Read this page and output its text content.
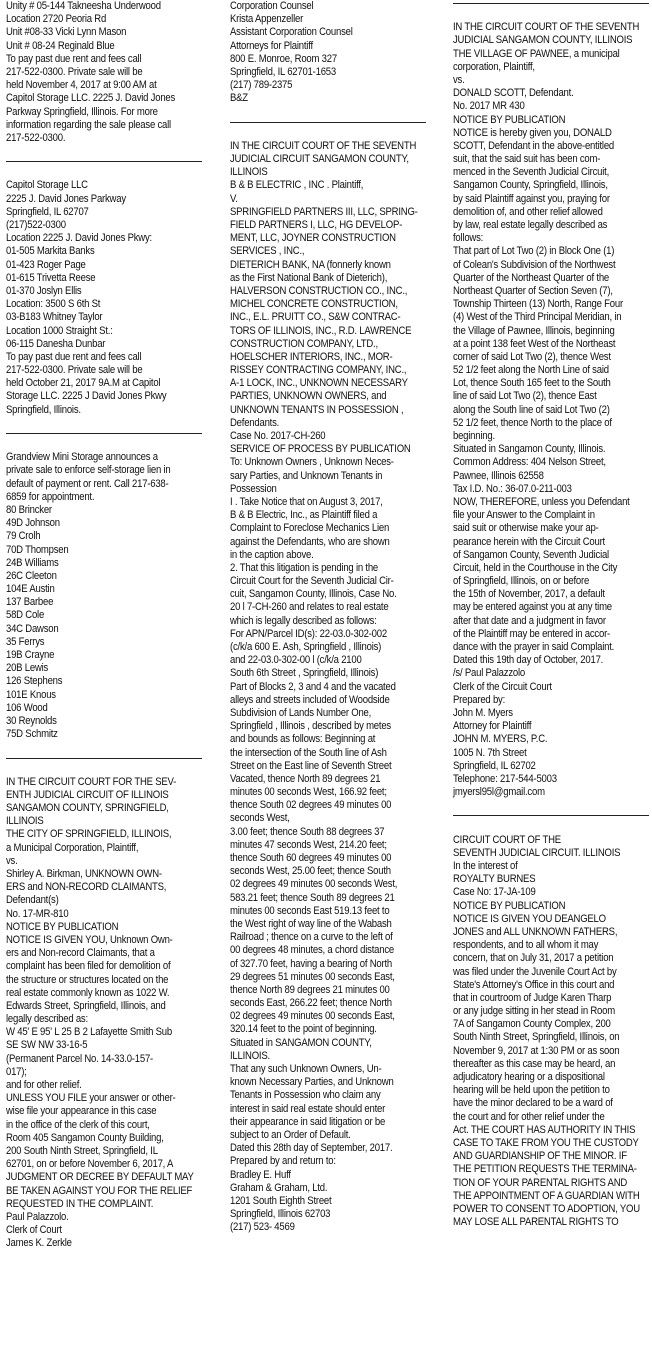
Unity # 05-144 Takneesha Underwood
Location 2720 Peoria Rd
Unit #08-33 Vicki Lynn Mason
Unit # 08-24 Reginald Blue
To pay past due rent and fees call
217-522-0300. Private sale will be
held November 4, 2017 at 9:00 AM at
Capitol Storage LLC. 2225 J. David Jones
Parkway Springfield, Illinois. For more
information regarding the sale please call
217-522-0300.
Capitol Storage LLC
2225 J. David Jones Parkway
Springfield, IL 62707
(217)522-0300
Location 2225 J. David Jones Pkwy:
01-505 Markita Banks
01-423 Roger Page
01-615 Trivetta Reese
01-370 Joslyn Ellis
Location: 3500 S 6th St
03-B183 Whitney Taylor
Location 1000 Straight St.:
06-115 Danesha Dunbar
To pay past due rent and fees call
217-522-0300. Private sale will be
held October 21, 2017 9A.M at Capitol
Storage LLC. 2225 J David Jones Pkwy
Springfield, Illinois.
Grandview Mini Storage announces a
private sale to enforce self-storage lien in
default of payment or rent. Call 217-638-
6859 for appointment.
80 Brincker
49D Johnson
79 Crolh
70D Thompsen
24B Williams
26C Cleeton
104E Austin
137 Barbee
58D Cole
34C Dawson
35 Ferrys
19B Crayne
20B Lewis
126 Stephens
101E Knous
106 Wood
30 Reynolds
75D Schmitz
IN THE CIRCUIT COURT FOR THE SEV-
ENTH JUDICIAL CIRCUIT OF ILLINOIS
SANGAMON COUNTY, SPRINGFIELD,
ILLINOIS
THE CITY OF SPRINGFIELD, ILLINOIS,
a Municipal Corporation, Plaintiff,
vs.
Shirley A. Birkman, UNKNOWN OWN-
ERS and NON-RECORD CLAIMANTS,
Defendant(s)
No. 17-MR-810
NOTICE BY PUBLICATION
NOTICE IS GIVEN YOU, Unknown Own-
ers and Non-record Claimants, that a
complaint has been filed for demolition of
the structure or structures located on the
real estate commonly known as 1022 W.
Edwards Street, Springfield, Illinois, and
legally described as:
W 45' E 95' L 25 B 2 Lafayette Smith Sub
SE SW NW 33-16-5
(Permanent Parcel No. 14-33.0-157-
017);
and for other relief.
UNLESS YOU FILE your answer or other-
wise file your appearance in this case
in the office of the clerk of this court,
Room 405 Sangamon County Building,
200 South Ninth Street, Springfield, IL
62701, on or before November 6, 2017, A
JUDGMENT OR DECREE BY DEFAULT MAY
BE TAKEN AGAINST YOU FOR THE RELIEF
REQUESTED IN THE COMPLAINT.
Paul Palazzolo.
Clerk of Court
James K. Zerkle
Corporation Counsel
Krista Appenzeller
Assistant Corporation Counsel
Attorneys for Plaintiff
800 E. Monroe, Room 327
Springfield, IL 62701-1653
(217) 789-2375
B&Z
IN THE CIRCUIT COURT OF THE SEVENTH
JUDICIAL CIRCUIT SANGAMON COUNTY,
ILLINOIS
B & B ELECTRIC , INC . Plaintiff,
V.
SPRINGFIELD PARTNERS III, LLC, SPRING-
FIELD PARTNERS I, LLC, HG DEVELOP-
MENT, LLC, JOYNER CONSTRUCTION
SERVICES , INC.,
DIETERICH BANK, NA (fonnerly known
as the First National Bank of Dieterich),
HALVERSON CONSTRUCTION CO., INC.,
MICHEL CONCRETE CONSTRUCTION,
INC., E.L. PRUITT CO., S&W CONTRAC-
TORS OF ILLINOIS, INC., R.D. LAWRENCE
CONSTRUCTION COMPANY, LTD.,
HOELSCHER INTERIORS, INC., MOR-
RISSEY CONTRACTING COMPANY, INC.,
A-1 LOCK, INC., UNKNOWN NECESSARY
PARTIES, UNKNOWN OWNERS, and
UNKNOWN TENANTS IN POSSESSION ,
Defendants.
Case No. 2017-CH-260
SERVICE OF PROCESS BY PUBLICATION
To: Unknown Owners , Unknown Neces-
sary Parties, and Unknown Tenants in
Possession
I . Take Notice that on August 3, 2017,
B & B Electric, Inc., as Plaintiff filed a
Complaint to Foreclose Mechanics Lien
against the Defendants, who are shown
in the caption above.
2. That this litigation is pending in the
Circuit Court for the Seventh Judicial Cir-
cuit, Sangamon County, Illinois, Case No.
20 l 7-CH-260 and relates to real estate
which is legally described as follows:
For APN/Parcel ID(s): 22-03.0-302-002
(c/k/a 600 E. Ash, Springfield , Illinois)
and 22-03.0-302-00 l (c/k/a 2100
South 6th Street , Springfield, Illinois)
Part of Blocks 2, 3 and 4 and the vacated
alleys and streets included of Woodside
Subdivision of Lands Number One,
Springfield , Illinois , described by metes
and bounds as follows: Beginning at
the intersection of the South line of Ash
Street on the East line of Seventh Street
Vacated, thence North 89 degrees 21
minutes 00 seconds West, 166.92 feet;
thence South 02 degrees 49 minutes 00
seconds West,
3.00 feet; thence South 88 degrees 37
minutes 47 seconds West, 214.20 feet;
thence South 60 degrees 49 minutes 00
seconds West, 25.00 feet; thence South
02 degrees 49 minutes 00 seconds West,
583.21 feet; thence South 89 degrees 21
minutes 00 seconds East 519.13 feet to
the West right of way line of the Wabash
Railroad ; thence on a curve to the left of
00 degrees 48 minutes, a chord distance
of 327.70 feet, having a bearing of North
29 degrees 51 minutes 00 seconds East,
thence North 89 degrees 21 minutes 00
seconds East, 266.22 feet; thence North
02 degrees 49 minutes 00 seconds East,
320.14 feet to the point of beginning.
Situated in SANGAMON COUNTY,
ILLINOIS.
That any such Unknown Owners, Un-
known Necessary Parties, and Unknown
Tenants in Possession who claim any
interest in said real estate should enter
their appearance in said litigation or be
subject to an Order of Default.
Dated this 28th day of September, 2017.
Prepared by and return to:
Bradley E. Huff
Graham & Graham, Ltd.
1201 South Eighth Street
Springfield, Illinois 62703
(217) 523- 4569
IN THE CIRCUIT COURT OF THE SEVENTH
JUDICIAL SANGAMON COUNTY, ILLINOIS
THE VILLAGE OF PAWNEE, a municipal
corporation, Plaintiff,
vs.
DONALD SCOTT, Defendant.
No. 2017 MR 430
NOTICE BY PUBLICATION
NOTICE is hereby given you, DONALD
SCOTT, Defendant in the above-entitled
suit, that the said suit has been com-
menced in the Seventh Judicial Circuit,
Sangamon County, Springfield, Illinois,
by said Plaintiff against you, praying for
demolition of, and other relief allowed
by law, real estate legally described as
follows:
That part of Lot Two (2) in Block One (1)
of Colean's Subdivision of the Northwest
Quarter of the Northeast Quarter of the
Northeast Quarter of Section Seven (7),
Township Thirteen (13) North, Range Four
(4) West of the Third Principal Meridian, in
the Village of Pawnee, Illinois, beginning
at a point 138 feet West of the Northeast
corner of said Lot Two (2), thence West
52 1/2 feet along the North Line of said
Lot, thence South 165 feet to the South
line of said Lot Two (2), thence East
along the South line of said Lot Two (2)
52 1/2 feet, thence North to the place of
beginning.
Situated in Sangamon County, Illinois.
Common Address: 404 Nelson Street,
Pawnee, Illinois 62558
Tax I.D. No.: 36-07.0-211-003
NOW, THEREFORE, unless you Defendant
file your Answer to the Complaint in
said suit or otherwise make your ap-
pearance herein with the Circuit Court
of Sangamon County, Seventh Judicial
Circuit, held in the Courthouse in the City
of Springfield, Illinois, on or before
the 15th of November, 2017, a default
may be entered against you at any time
after that date and a judgment in favor
of the Plaintiff may be entered in accor-
dance with the prayer in said Complaint.
Dated this 19th day of October, 2017.
/s/ Paul Palazzolo
Clerk of the Circuit Court
Prepared by:
John M. Myers
Attorney for Plaintiff
JOHN M. MYERS, P.C.
1005 N. 7th Street
Springfield, IL 62702
Telephone: 217-544-5003
jmyersl95l@gmail.com
CIRCUIT COURT OF THE
SEVENTH JUDICIAL CIRCUIT. ILLINOIS
In the interest of
ROYALTY BURNES
Case No: 17-JA-109
NOTICE BY PUBLICATION
NOTICE IS GIVEN YOU DEANGELO
JONES and ALL UNKNOWN FATHERS,
respondents, and to all whom it may
concern, that on July 31, 2017 a petition
was filed under the Juvenile Court Act by
State's Attorney's Office in this court and
that in courtroom of Judge Karen Tharp
or any judge sitting in her stead in Room
7A of Sangamon County Complex, 200
South Ninth Street, Springfield, Illinois, on
November 9, 2017 at 1:30 PM or as soon
thereafter as this case may be heard, an
adjudicatory hearing or a dispositional
hearing will be held upon the petition to
have the minor declared to be a ward of
the court and for other relief under the
Act. THE COURT HAS AUTHORITY IN THIS
CASE TO TAKE FROM YOU THE CUSTODY
AND GUARDIANSHIP OF THE MINOR. IF
THE PETITION REQUESTS THE TERMINA-
TION OF YOUR PARENTAL RIGHTS AND
THE APPOINTMENT OF A GUARDIAN WITH
POWER TO CONSENT TO ADOPTION, YOU
MAY LOSE ALL PARENTAL RIGHTS TO
